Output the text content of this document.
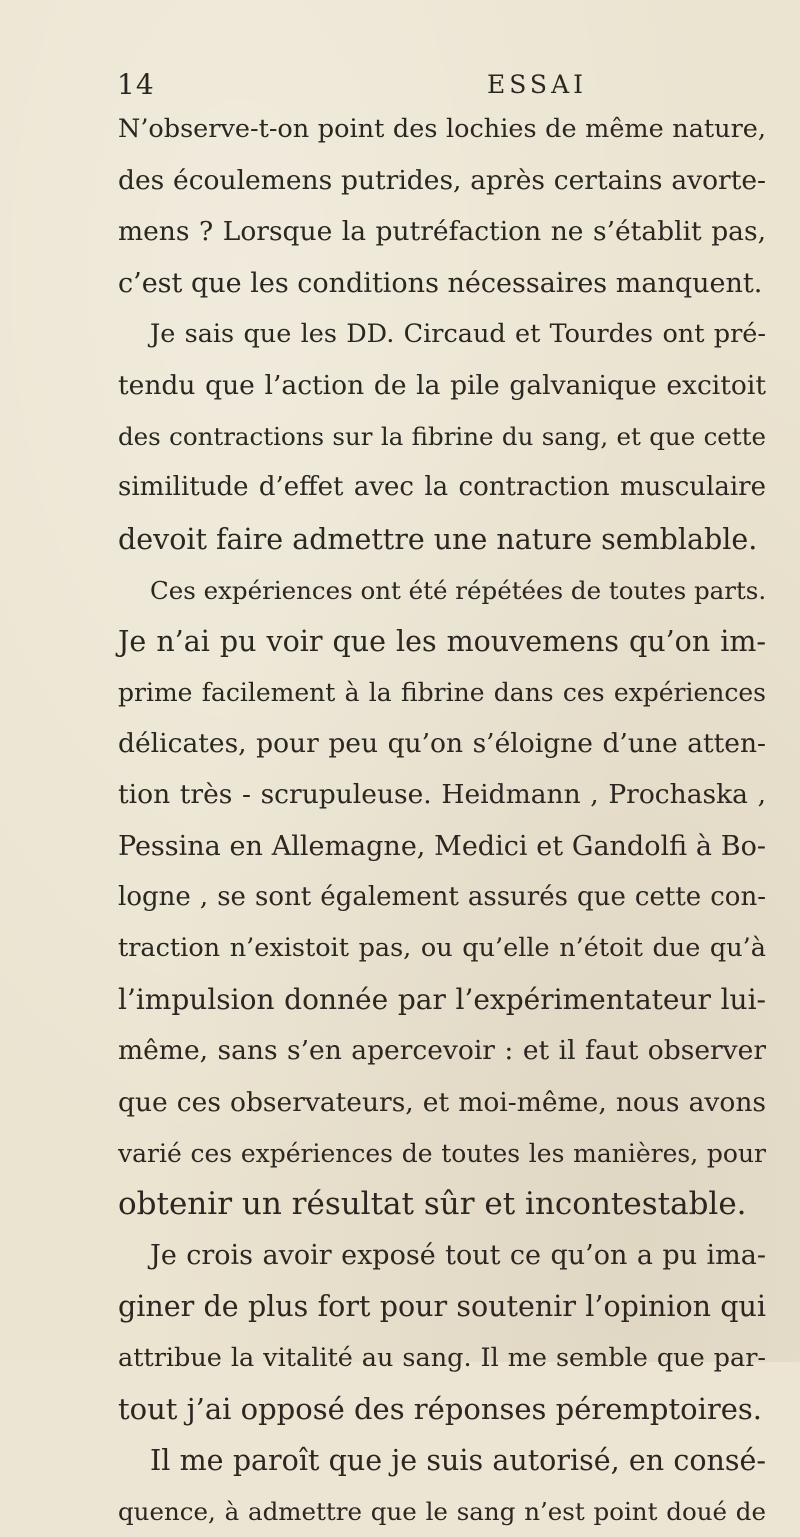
14	ESSAI
N’observe-t-on point des lochies de même nature,
des écoulemens putrides, après certains avorte-
mens ? Lorsque la putréfaction ne s’établit pas,
c’est que les conditions nécessaires manquent.
Je sais que les DD. Circaud et Tourdes ont pré-
tendu que l’action de la pile galvanique excitoit
des contractions sur la fibrine du sang, et que cette
similitude d’effet avec la contraction musculaire
devoit faire admettre une nature semblable.
Ces expériences ont été répétées de toutes parts.
Je n’ai pu voir que les mouvemens qu’on im-
prime facilement à la fibrine dans ces expériences
délicates, pour peu qu’on s’éloigne d’une atten-
tion très - scrupuleuse. Heidmann , Prochaska ,
Pessina en Allemagne, Medici et Gandolfi à Bo-
logne , se sont également assurés que cette con-
traction n’existoit pas, ou qu’elle n’étoit due qu’à
l’impulsion donnée par l’expérimentateur lui-
même, sans s’en apercevoir : et il faut observer
que ces observateurs, et moi-même, nous avons
varié ces expériences de toutes les manières, pour
obtenir un résultat sûr et incontestable.
Je crois avoir exposé tout ce qu’on a pu ima-
giner de plus fort pour soutenir l’opinion qui
attribue la vitalité au sang. Il me semble que par-
tout j’ai opposé des réponses péremptoires.
Il me paroît que je suis autorisé, en consé-
quence, à admettre que le sang n’est point doué de
